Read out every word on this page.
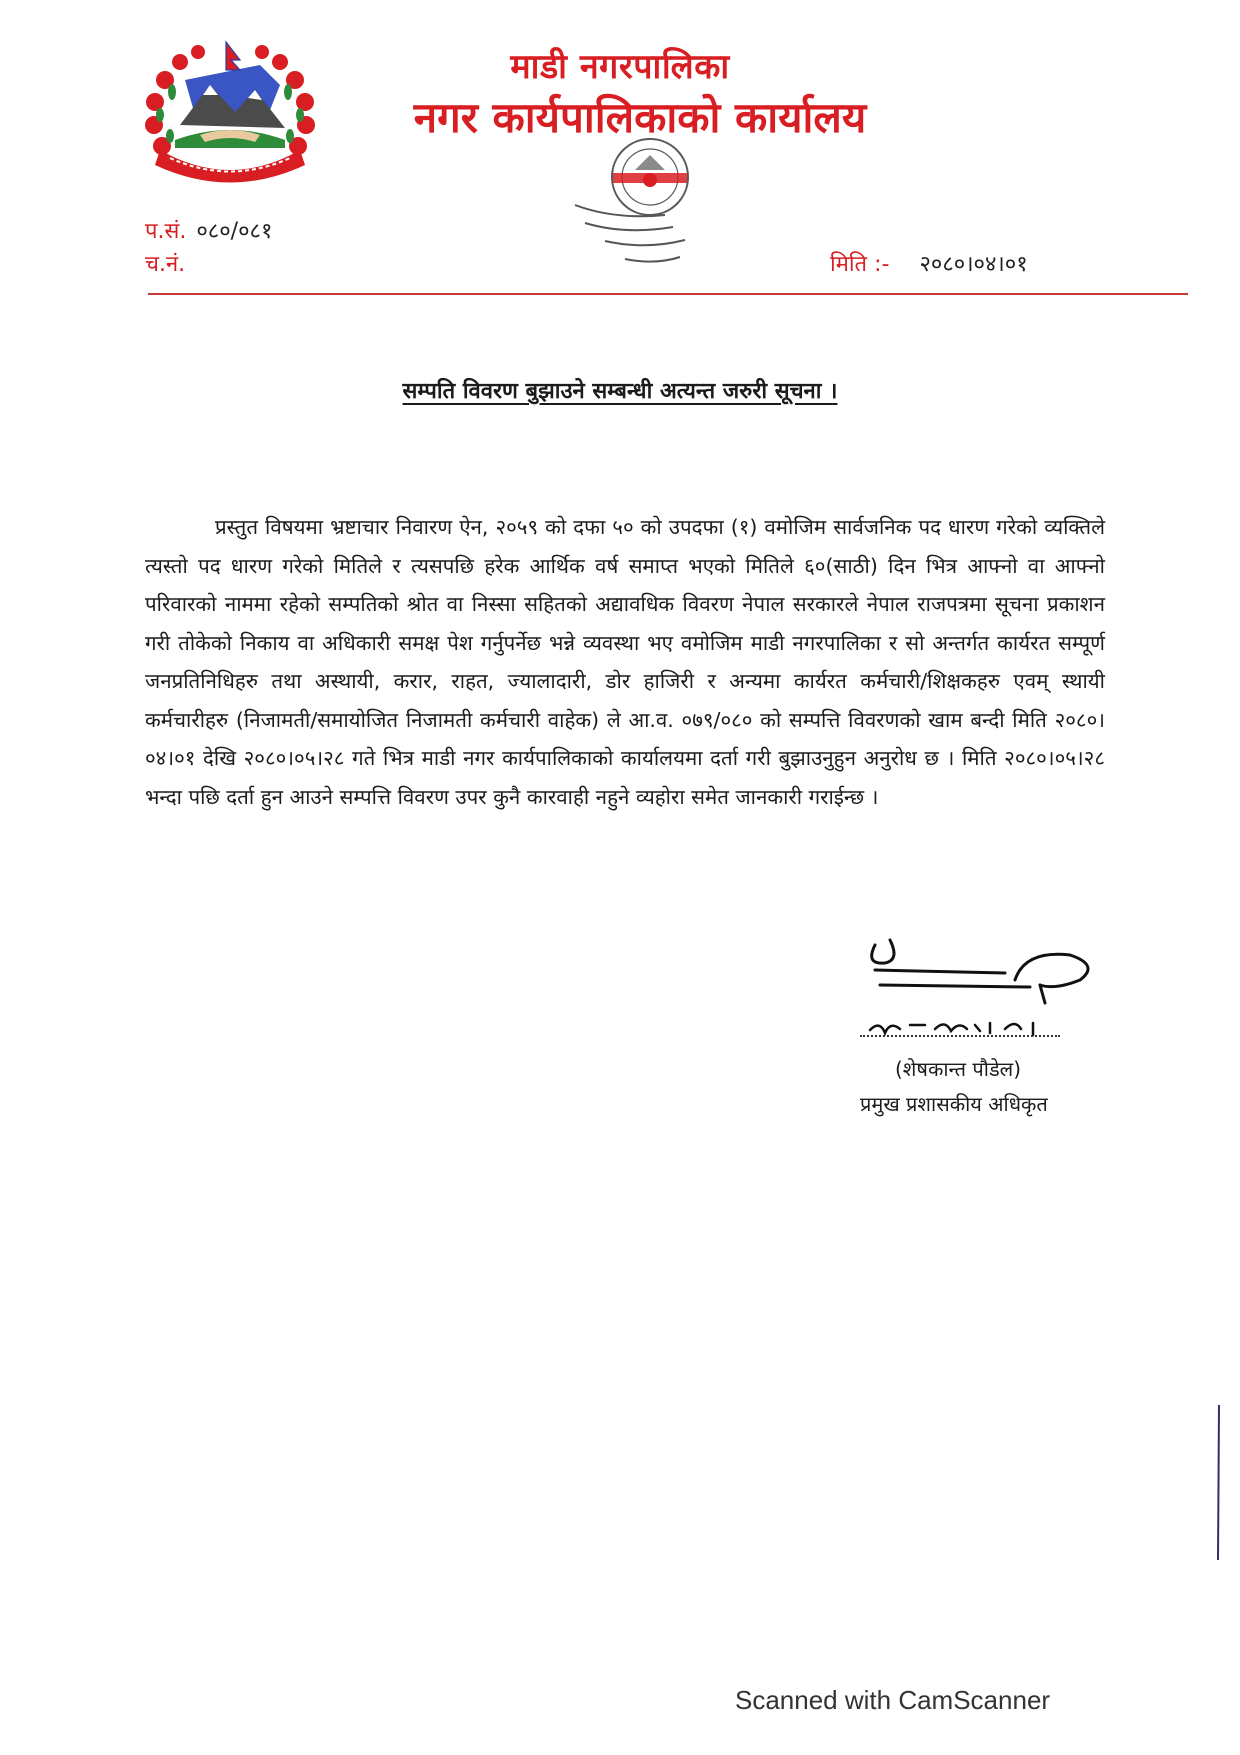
माडी नगरपालिका
नगर कार्यपालिकाको कार्यालय
प.सं. ०८०/०८१
च.नं.	मिति :- २०८०।०४।०१
सम्पति विवरण बुझाउने सम्बन्धी अत्यन्त जरुरी सूचना ।
प्रस्तुत विषयमा भ्रष्टाचार निवारण ऐन, २०५९ को दफा ५० को उपदफा (१) वमोजिम सार्वजनिक पद धारण गरेको व्यक्तिले त्यस्तो पद धारण गरेको मितिले र त्यसपछि हरेक आर्थिक वर्ष समाप्त भएको मितिले ६०(साठी) दिन भित्र आफ्नो वा आफ्नो परिवारको नाममा रहेको सम्पतिको श्रोत वा निस्सा सहितको अद्यावधिक विवरण नेपाल सरकारले नेपाल राजपत्रमा सूचना प्रकाशन गरी तोकेको निकाय वा अधिकारी समक्ष पेश गर्नुपर्नेछ भन्ने व्यवस्था भए वमोजिम माडी नगरपालिका र सो अन्तर्गत कार्यरत सम्पूर्ण जनप्रतिनिधिहरु तथा अस्थायी, करार, राहत, ज्यालादारी, डोर हाजिरी र अन्यमा कार्यरत कर्मचारी/शिक्षकहरु एवम् स्थायी कर्मचारीहरु (निजामती/समायोजित निजामती कर्मचारी वाहेक) ले आ.व. ०७९/०८० को सम्पत्ति विवरणको खाम बन्दी मिति २०८०।०४।०१ देखि २०८०।०५।२८ गते भित्र माडी नगर कार्यपालिकाको कार्यालयमा दर्ता गरी बुझाउनुहुन अनुरोध छ । मिति २०८०।०५।२८ भन्दा पछि दर्ता हुन आउने सम्पत्ति विवरण उपर कुनै कारवाही नहुने व्यहोरा समेत जानकारी गराईन्छ ।
(शेषकान्त पौडेल)
प्रमुख प्रशासकीय अधिकृत
Scanned with CamScanner
